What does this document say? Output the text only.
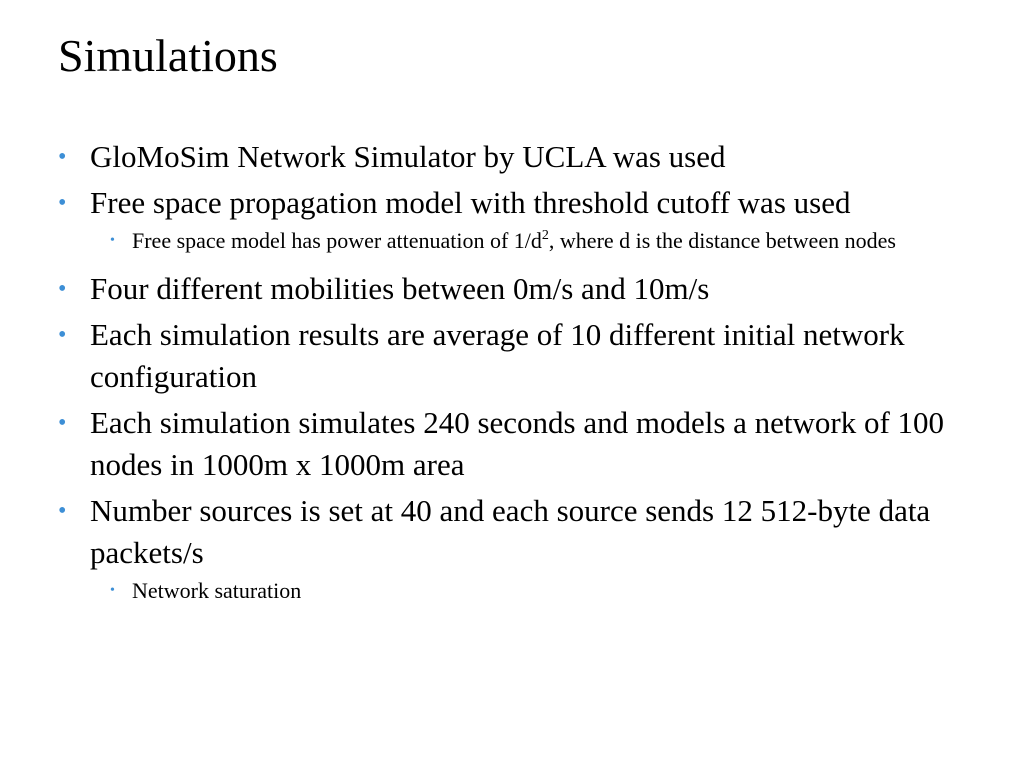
Simulations
• GloMoSim Network Simulator by UCLA was used
• Free space propagation model with threshold cutoff was used
• Free space model has power attenuation of $1/d^2$, where d is the distance between nodes
• Four different mobilities between 0m/s and 10m/s
• Each simulation results are average of 10 different initial network configuration
• Each simulation simulates 240 seconds and models a network of 100 nodes in 1000m x 1000m area
• Number sources is set at 40 and each source sends 12 512-byte data packets/s
• Network saturation
